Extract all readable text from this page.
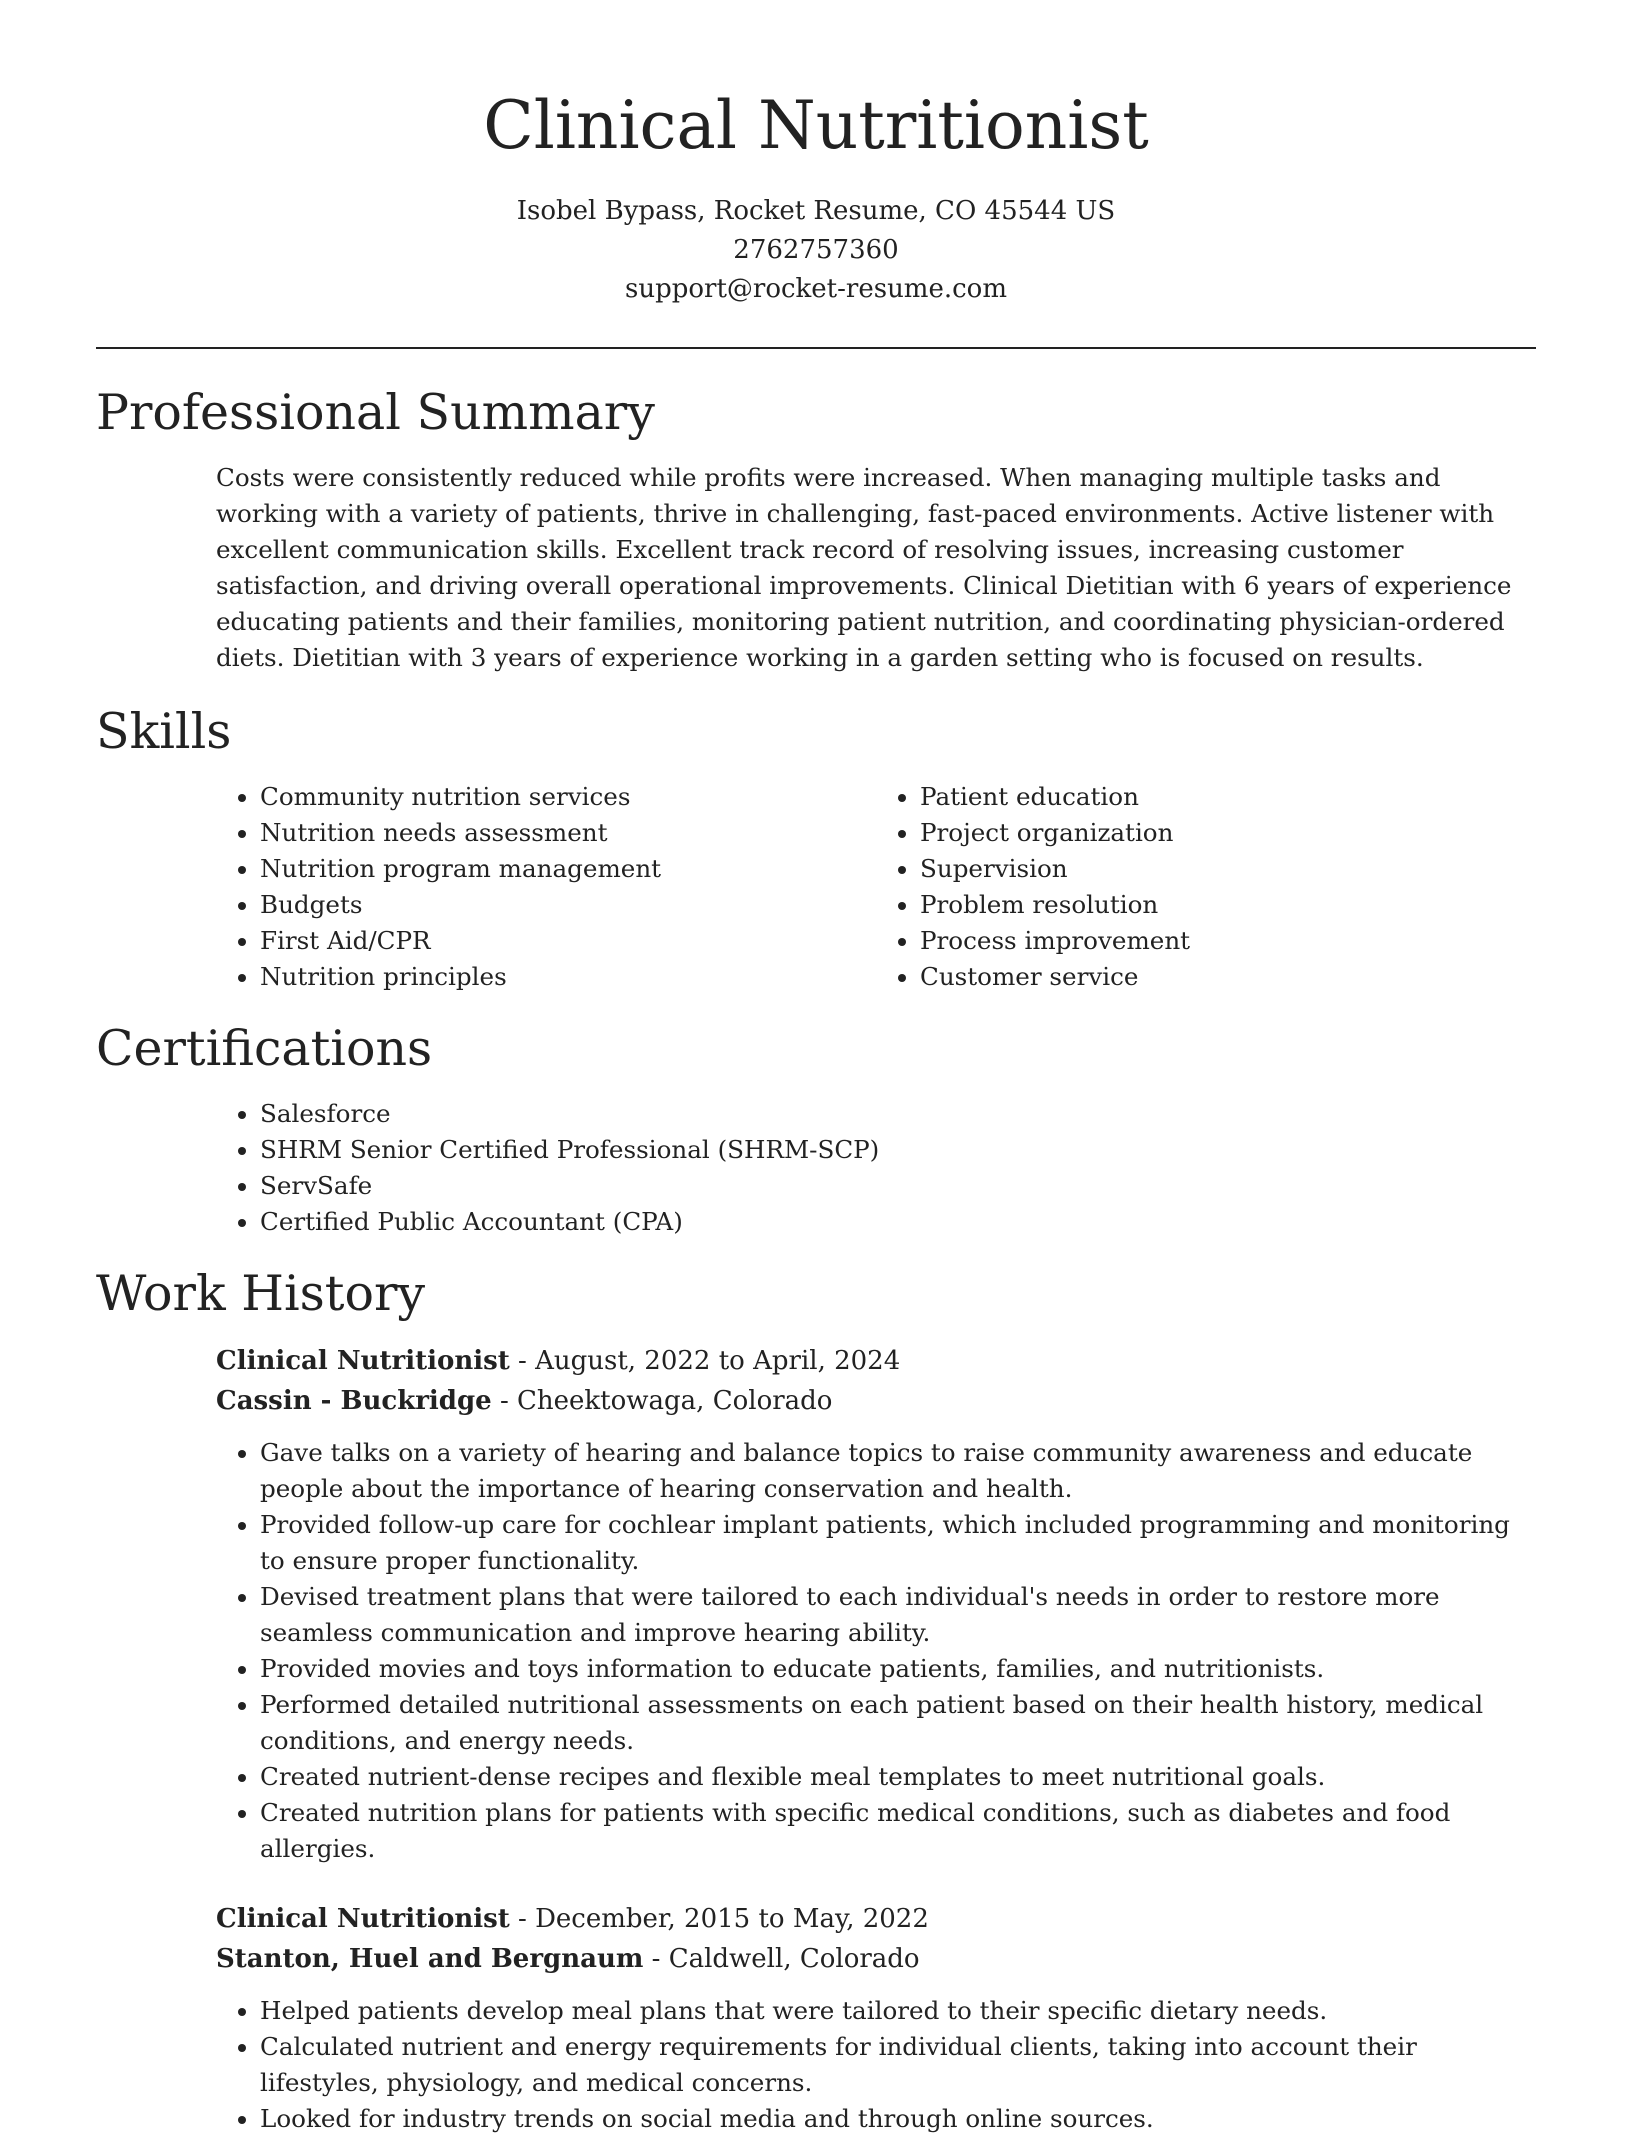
Clinical Nutritionist
Isobel Bypass, Rocket Resume, CO 45544 US
2762757360
support@rocket-resume.com
Professional Summary

Costs were consistently reduced while profits were increased. When managing multiple tasks and working with a variety of patients, thrive in challenging, fast-paced environments. Active listener with excellent communication skills. Excellent track record of resolving issues, increasing customer satisfaction, and driving overall operational improvements. Clinical Dietitian with 6 years of experience educating patients and their families, monitoring patient nutrition, and coordinating physician-ordered diets. Dietitian with 3 years of experience working in a garden setting who is focused on results.

Skills
• Community nutrition services
• Nutrition needs assessment
• Nutrition program management
• Budgets
• First Aid/CPR
• Nutrition principles
• Patient education
• Project organization
• Supervision
• Problem resolution
• Process improvement
• Customer service
Certifications
• Salesforce
• SHRM Senior Certified Professional (SHRM-SCP)
• ServSafe
• Certified Public Accountant (CPA)
Work History
Clinical Nutritionist - August, 2022 to April, 2024
Cassin - Buckridge - Cheektowaga, Colorado
• Gave talks on a variety of hearing and balance topics to raise community awareness and educate people about the importance of hearing conservation and health.
• Provided follow-up care for cochlear implant patients, which included programming and monitoring to ensure proper functionality.
• Devised treatment plans that were tailored to each individual's needs in order to restore more seamless communication and improve hearing ability.
• Provided movies and toys information to educate patients, families, and nutritionists.
• Performed detailed nutritional assessments on each patient based on their health history, medical conditions, and energy needs.
• Created nutrient-dense recipes and flexible meal templates to meet nutritional goals.
• Created nutrition plans for patients with specific medical conditions, such as diabetes and food allergies.
Clinical Nutritionist - December, 2015 to May, 2022
Stanton, Huel and Bergnaum - Caldwell, Colorado
• Helped patients develop meal plans that were tailored to their specific dietary needs.
• Calculated nutrient and energy requirements for individual clients, taking into account their lifestyles, physiology, and medical concerns.
• Looked for industry trends on social media and through online sources.
